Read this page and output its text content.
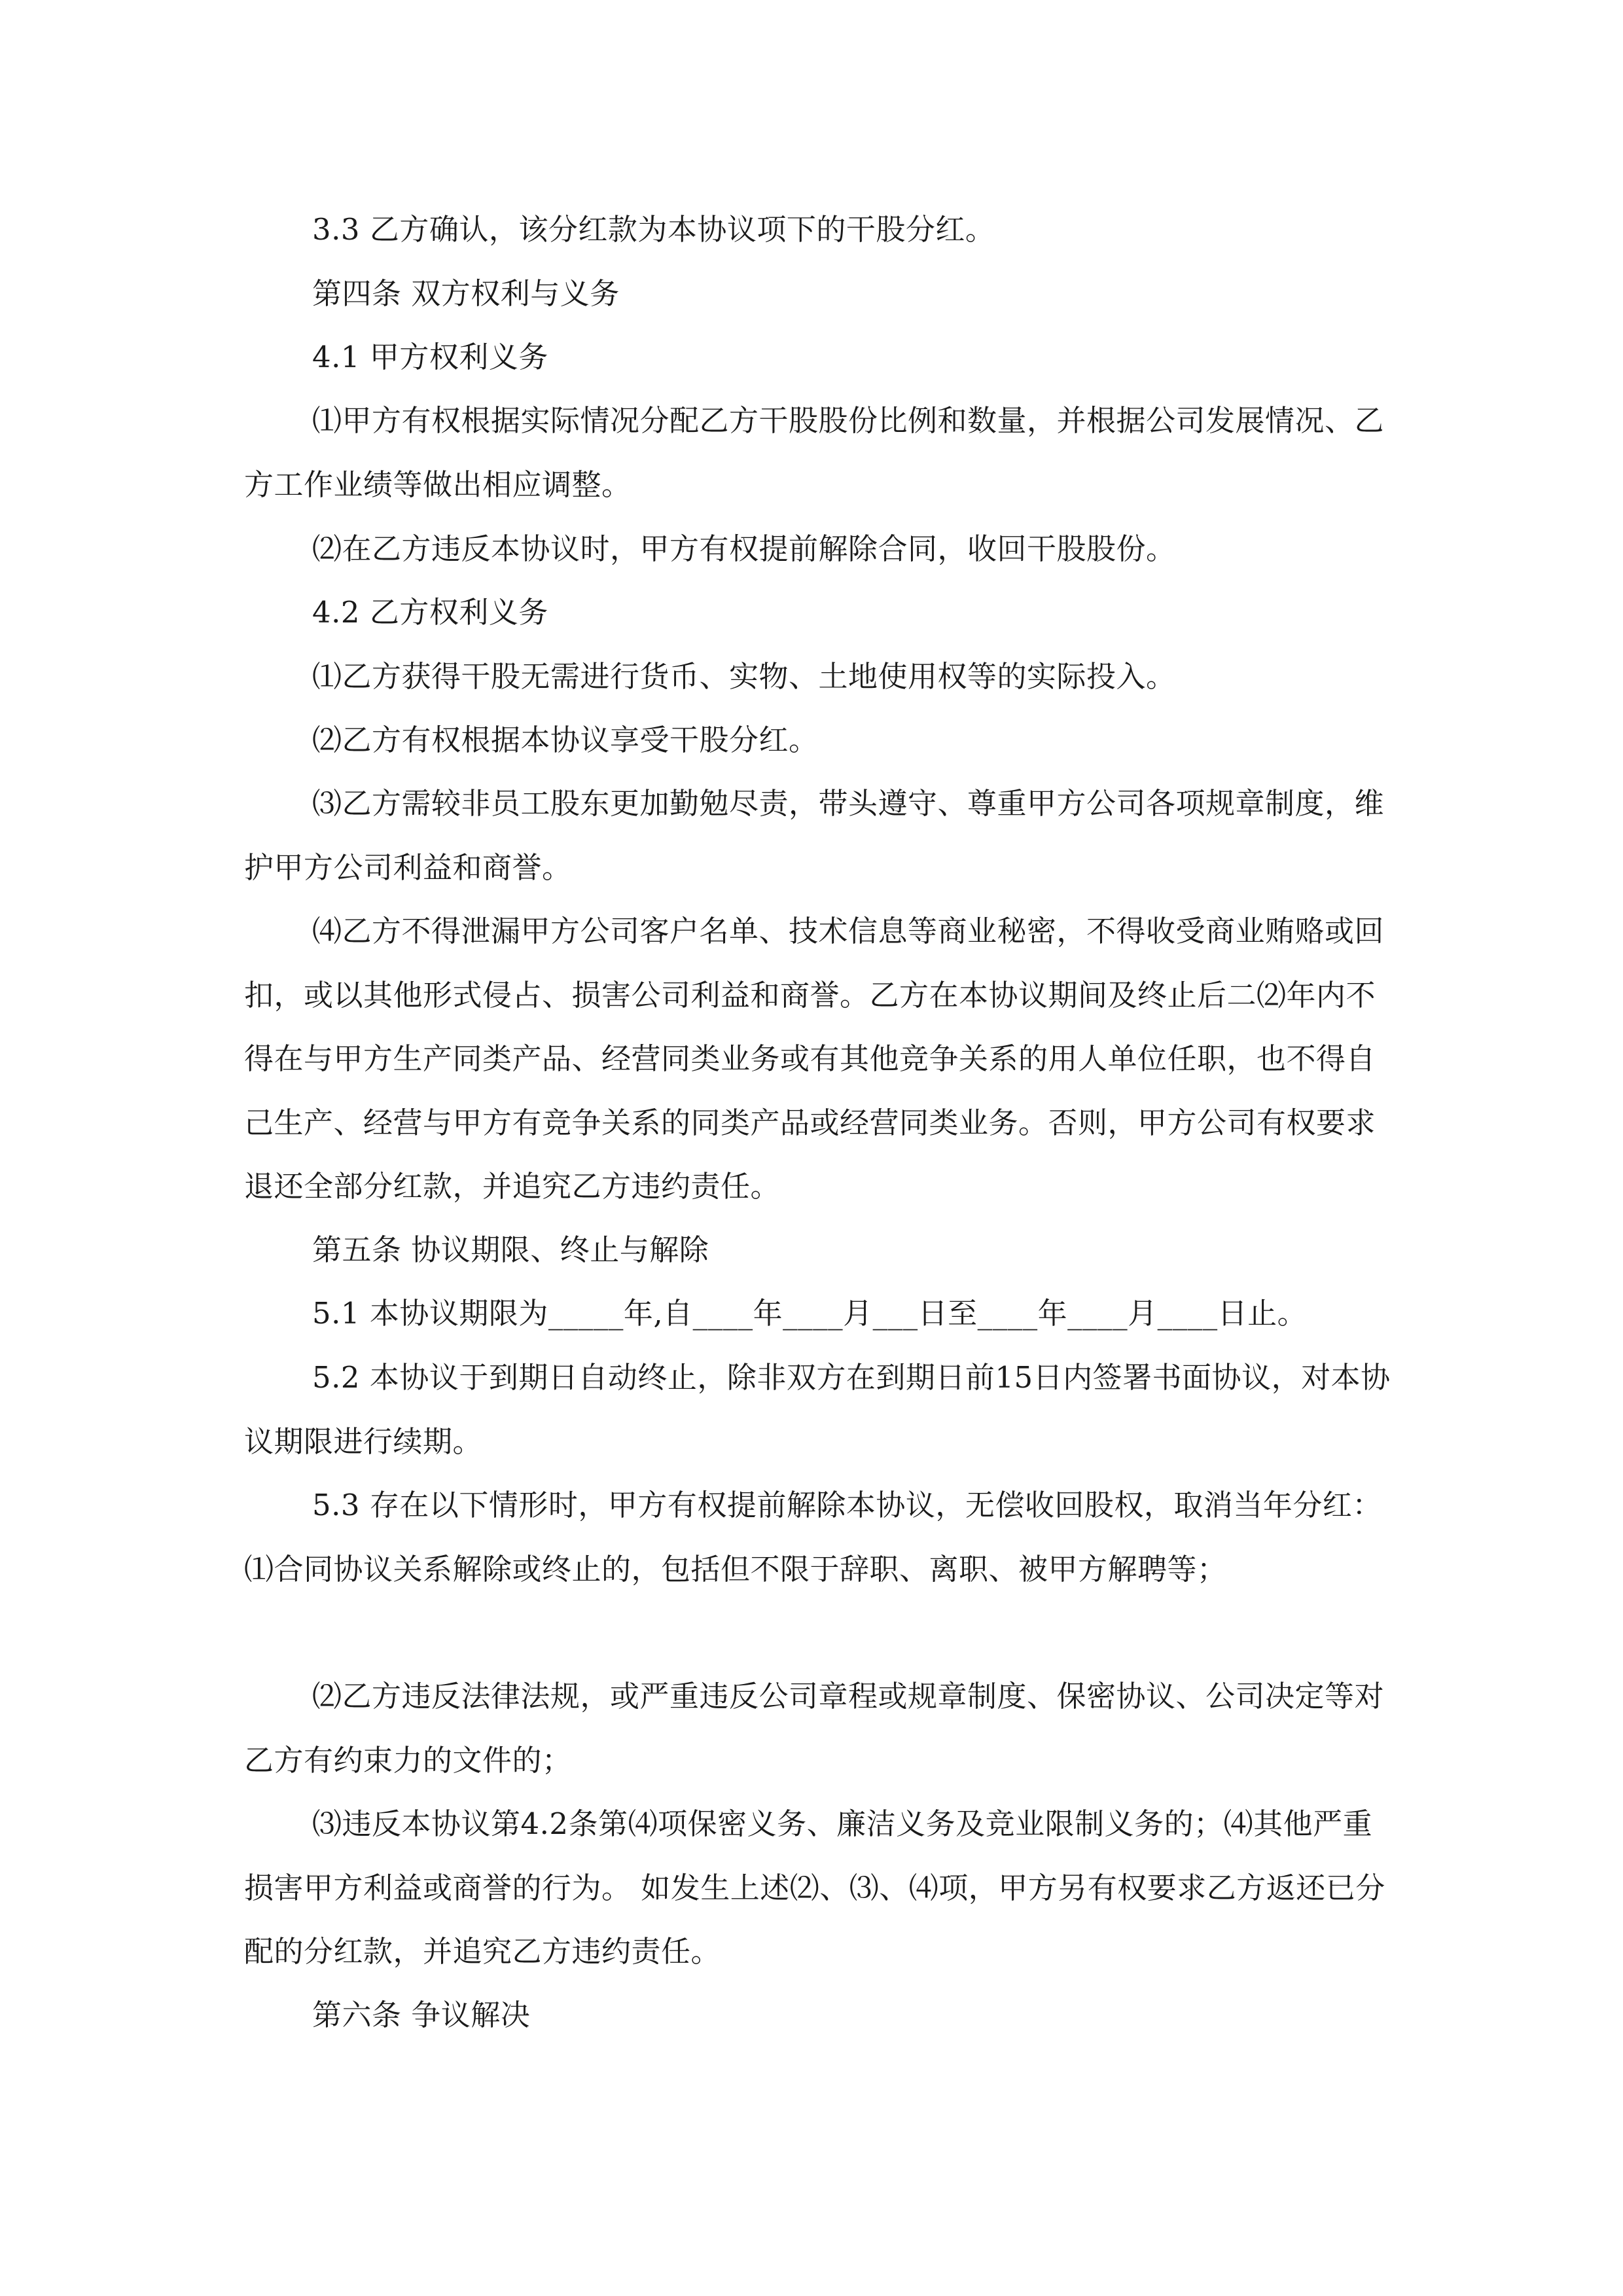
3.3 乙方确认，该分红款为本协议项下的干股分红。

第四条 双方权利与义务

4.1 甲方权利义务

⑴甲方有权根据实际情况分配乙方干股股份比例和数量，并根据公司发展情况、乙方工作业绩等做出相应调整。

⑵在乙方违反本协议时，甲方有权提前解除合同，收回干股股份。

4.2 乙方权利义务

⑴乙方获得干股无需进行货币、实物、土地使用权等的实际投入。

⑵乙方有权根据本协议享受干股分红。

⑶乙方需较非员工股东更加勤勉尽责，带头遵守、尊重甲方公司各项规章制度，维护甲方公司利益和商誉。

⑷乙方不得泄漏甲方公司客户名单、技术信息等商业秘密，不得收受商业贿赂或回扣，或以其他形式侵占、损害公司利益和商誉。乙方在本协议期间及终止后二⑵年内不得在与甲方生产同类产品、经营同类业务或有其他竞争关系的用人单位任职，也不得自己生产、经营与甲方有竞争关系的同类产品或经营同类业务。否则，甲方公司有权要求退还全部分红款，并追究乙方违约责任。

第五条 协议期限、终止与解除

5.1 本协议期限为_____年,自____年____月___日至____年____月____日止。

5.2 本协议于到期日自动终止，除非双方在到期日前15日内签署书面协议，对本协议期限进行续期。

5.3 存在以下情形时，甲方有权提前解除本协议，无偿收回股权，取消当年分红：⑴合同协议关系解除或终止的，包括但不限于辞职、离职、被甲方解聘等；

⑵乙方违反法律法规，或严重违反公司章程或规章制度、保密协议、公司决定等对乙方有约束力的文件的；

⑶违反本协议第4.2条第⑷项保密义务、廉洁义务及竞业限制义务的；⑷其他严重损害甲方利益或商誉的行为。 如发生上述⑵、⑶、⑷项，甲方另有权要求乙方返还已分配的分红款，并追究乙方违约责任。

第六条 争议解决
